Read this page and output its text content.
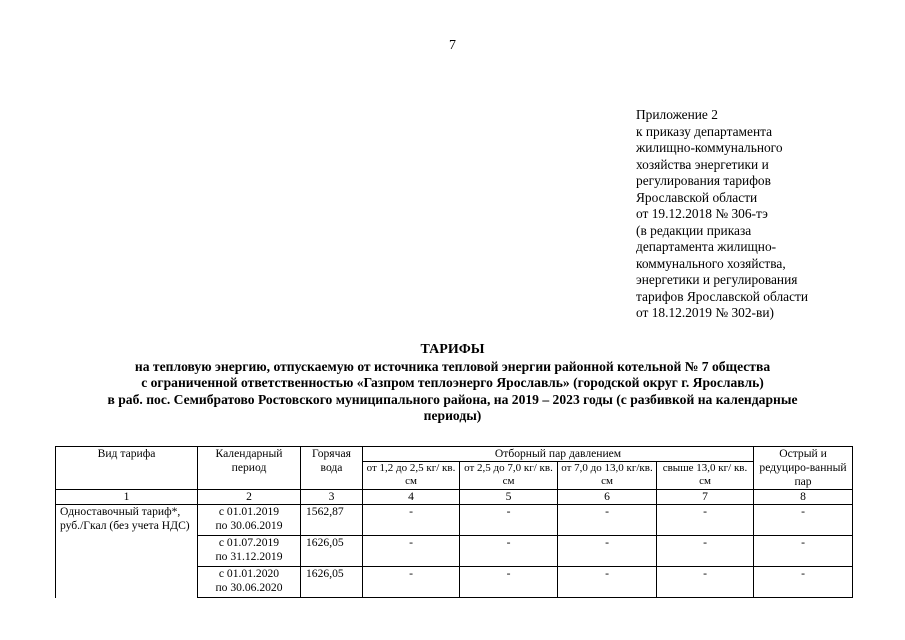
7
Приложение 2
к приказу департамента
жилищно-коммунального
хозяйства энергетики и
регулирования тарифов
Ярославской области
от 19.12.2018 № 306-тэ
(в редакции приказа
департамента жилищно-
коммунального хозяйства,
энергетики и регулирования
тарифов Ярославской области
от 18.12.2019 № 302-ви)
ТАРИФЫ
на тепловую энергию, отпускаемую от источника тепловой энергии районной котельной № 7 общества
с ограниченной ответственностью «Газпром теплоэнерго Ярославль» (городской округ г. Ярославль)
в раб. пос. Семибратово Ростовского муниципального района, на 2019 – 2023 годы (с разбивкой на календарные
периоды)
Вид тарифа	Календарный период	Горячая вода	Отборный пар давлением				Острый и редуциро-ванный пар
			от 1,2 до 2,5 кг/ кв. см	от 2,5 до 7,0 кг/ кв. см	от 7,0 до 13,0 кг/кв. см	свыше 13,0 кг/ кв. см	
1	2	3	4	5	6	7	8
Одноставочный тариф*, руб./Гкал (без учета НДС)	с 01.01.2019
по 30.06.2019	1562,87	-	-	-	-	-

	с 01.07.2019
по 31.12.2019	1626,05	-	-	-	-	-

	с 01.01.2020
по 30.06.2020	1626,05	-	-	-	-	-
